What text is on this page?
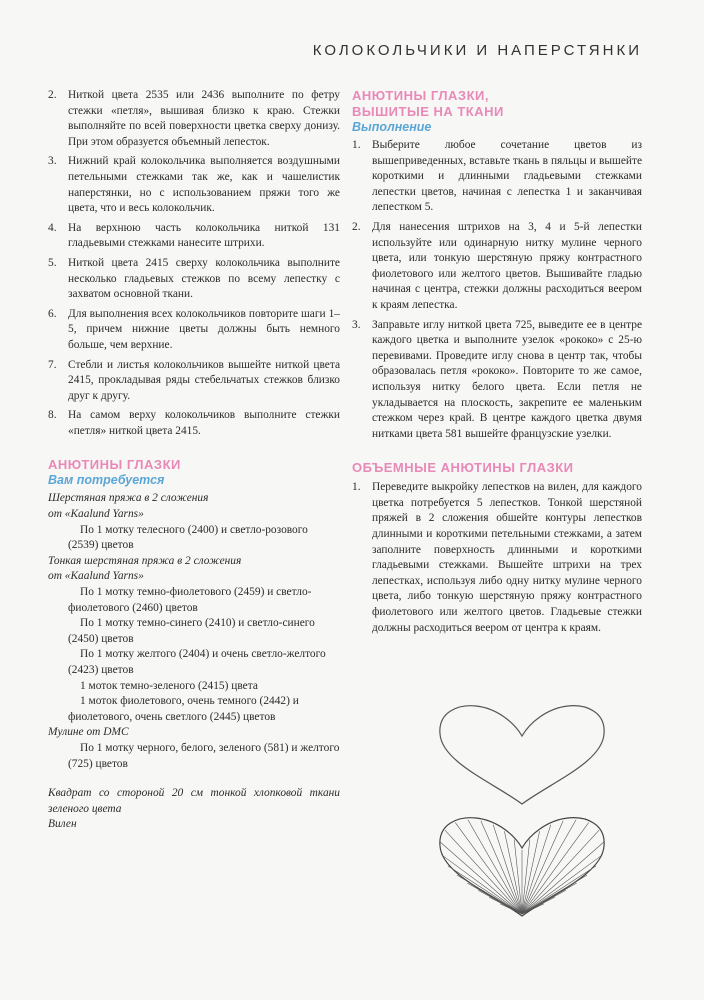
КОЛОКОЛЬЧИКИ И НАПЕРСТЯНКИ
2. Ниткой цвета 2535 или 2436 выполните по фетру стежки «петля», вышивая близко к краю. Стежки выполняйте по всей поверхности цветка сверху донизу. При этом образуется объемный лепесток.
3. Нижний край колокольчика выполняется воздушными петельными стежками так же, как и чашелистик наперстянки, но с использованием пряжи того же цвета, что и весь колокольчик.
4. На верхнюю часть колокольчика ниткой 131 гладьевыми стежками нанесите штрихи.
5. Ниткой цвета 2415 сверху колокольчика выполните несколько гладьевых стежков по всему лепестку с захватом основной ткани.
6. Для выполнения всех колокольчиков повторите шаги 1–5, причем нижние цветы должны быть немного больше, чем верхние.
7. Стебли и листья колокольчиков вышейте ниткой цвета 2415, прокладывая ряды стебельчатых стежков близко друг к другу.
8. На самом верху колокольчиков выполните стежки «петля» ниткой цвета 2415.
АНЮТИНЫ ГЛАЗКИ
Вам потребуется
Шерстяная пряжа в 2 сложения
от «Kaalund Yarns»
По 1 мотку телесного (2400) и светло-розового (2539) цветов
Тонкая шерстяная пряжа в 2 сложения
от «Kaalund Yarns»
По 1 мотку темно-фиолетового (2459) и светло-фиолетового (2460) цветов
По 1 мотку темно-синего (2410) и светло-синего (2450) цветов
По 1 мотку желтого (2404) и очень светло-желтого (2423) цветов
1 моток темно-зеленого (2415) цвета
1 моток фиолетового, очень темного (2442) и фиолетового, очень светлого (2445) цветов
Мулине от DMC
По 1 мотку черного, белого, зеленого (581) и желтого (725) цветов
Квадрат со стороной 20 см тонкой хлопковой ткани зеленого цвета
Вилен
АНЮТИНЫ ГЛАЗКИ,
ВЫШИТЫЕ НА ТКАНИ
Выполнение
1. Выберите любое сочетание цветов из вышеприведенных, вставьте ткань в пяльцы и вышейте короткими и длинными гладьевыми стежками лепестки цветов, начиная с лепестка 1 и заканчивая лепестком 5.
2. Для нанесения штрихов на 3, 4 и 5-й лепестки используйте или одинарную нитку мулине черного цвета, или тонкую шерстяную пряжу контрастного фиолетового или желтого цветов. Вышивайте гладью начиная с центра, стежки должны расходиться веером к краям лепестка.
3. Заправьте иглу ниткой цвета 725, выведите ее в центре каждого цветка и выполните узелок «рококо» с 25-ю перевивами. Проведите иглу снова в центр так, чтобы образовалась петля «рококо». Повторите то же самое, используя нитку белого цвета. Если петля не укладывается на плоскость, закрепите ее маленьким стежком через край. В центре каждого цветка двумя нитками цвета 581 вышейте французские узелки.
ОБЪЕМНЫЕ АНЮТИНЫ ГЛАЗКИ
1. Переведите выкройку лепестков на вилен, для каждого цветка потребуется 5 лепестков. Тонкой шерстяной пряжей в 2 сложения обшейте контуры лепестков длинными и короткими петельными стежками, а затем заполните поверхность длинными и короткими гладьевыми стежками. Вышейте штрихи на трех лепестках, используя либо одну нитку мулине черного цвета, либо тонкую шерстяную пряжу контрастного фиолетового или желтого цветов. Гладьевые стежки должны расходиться веером от центра к краям.
